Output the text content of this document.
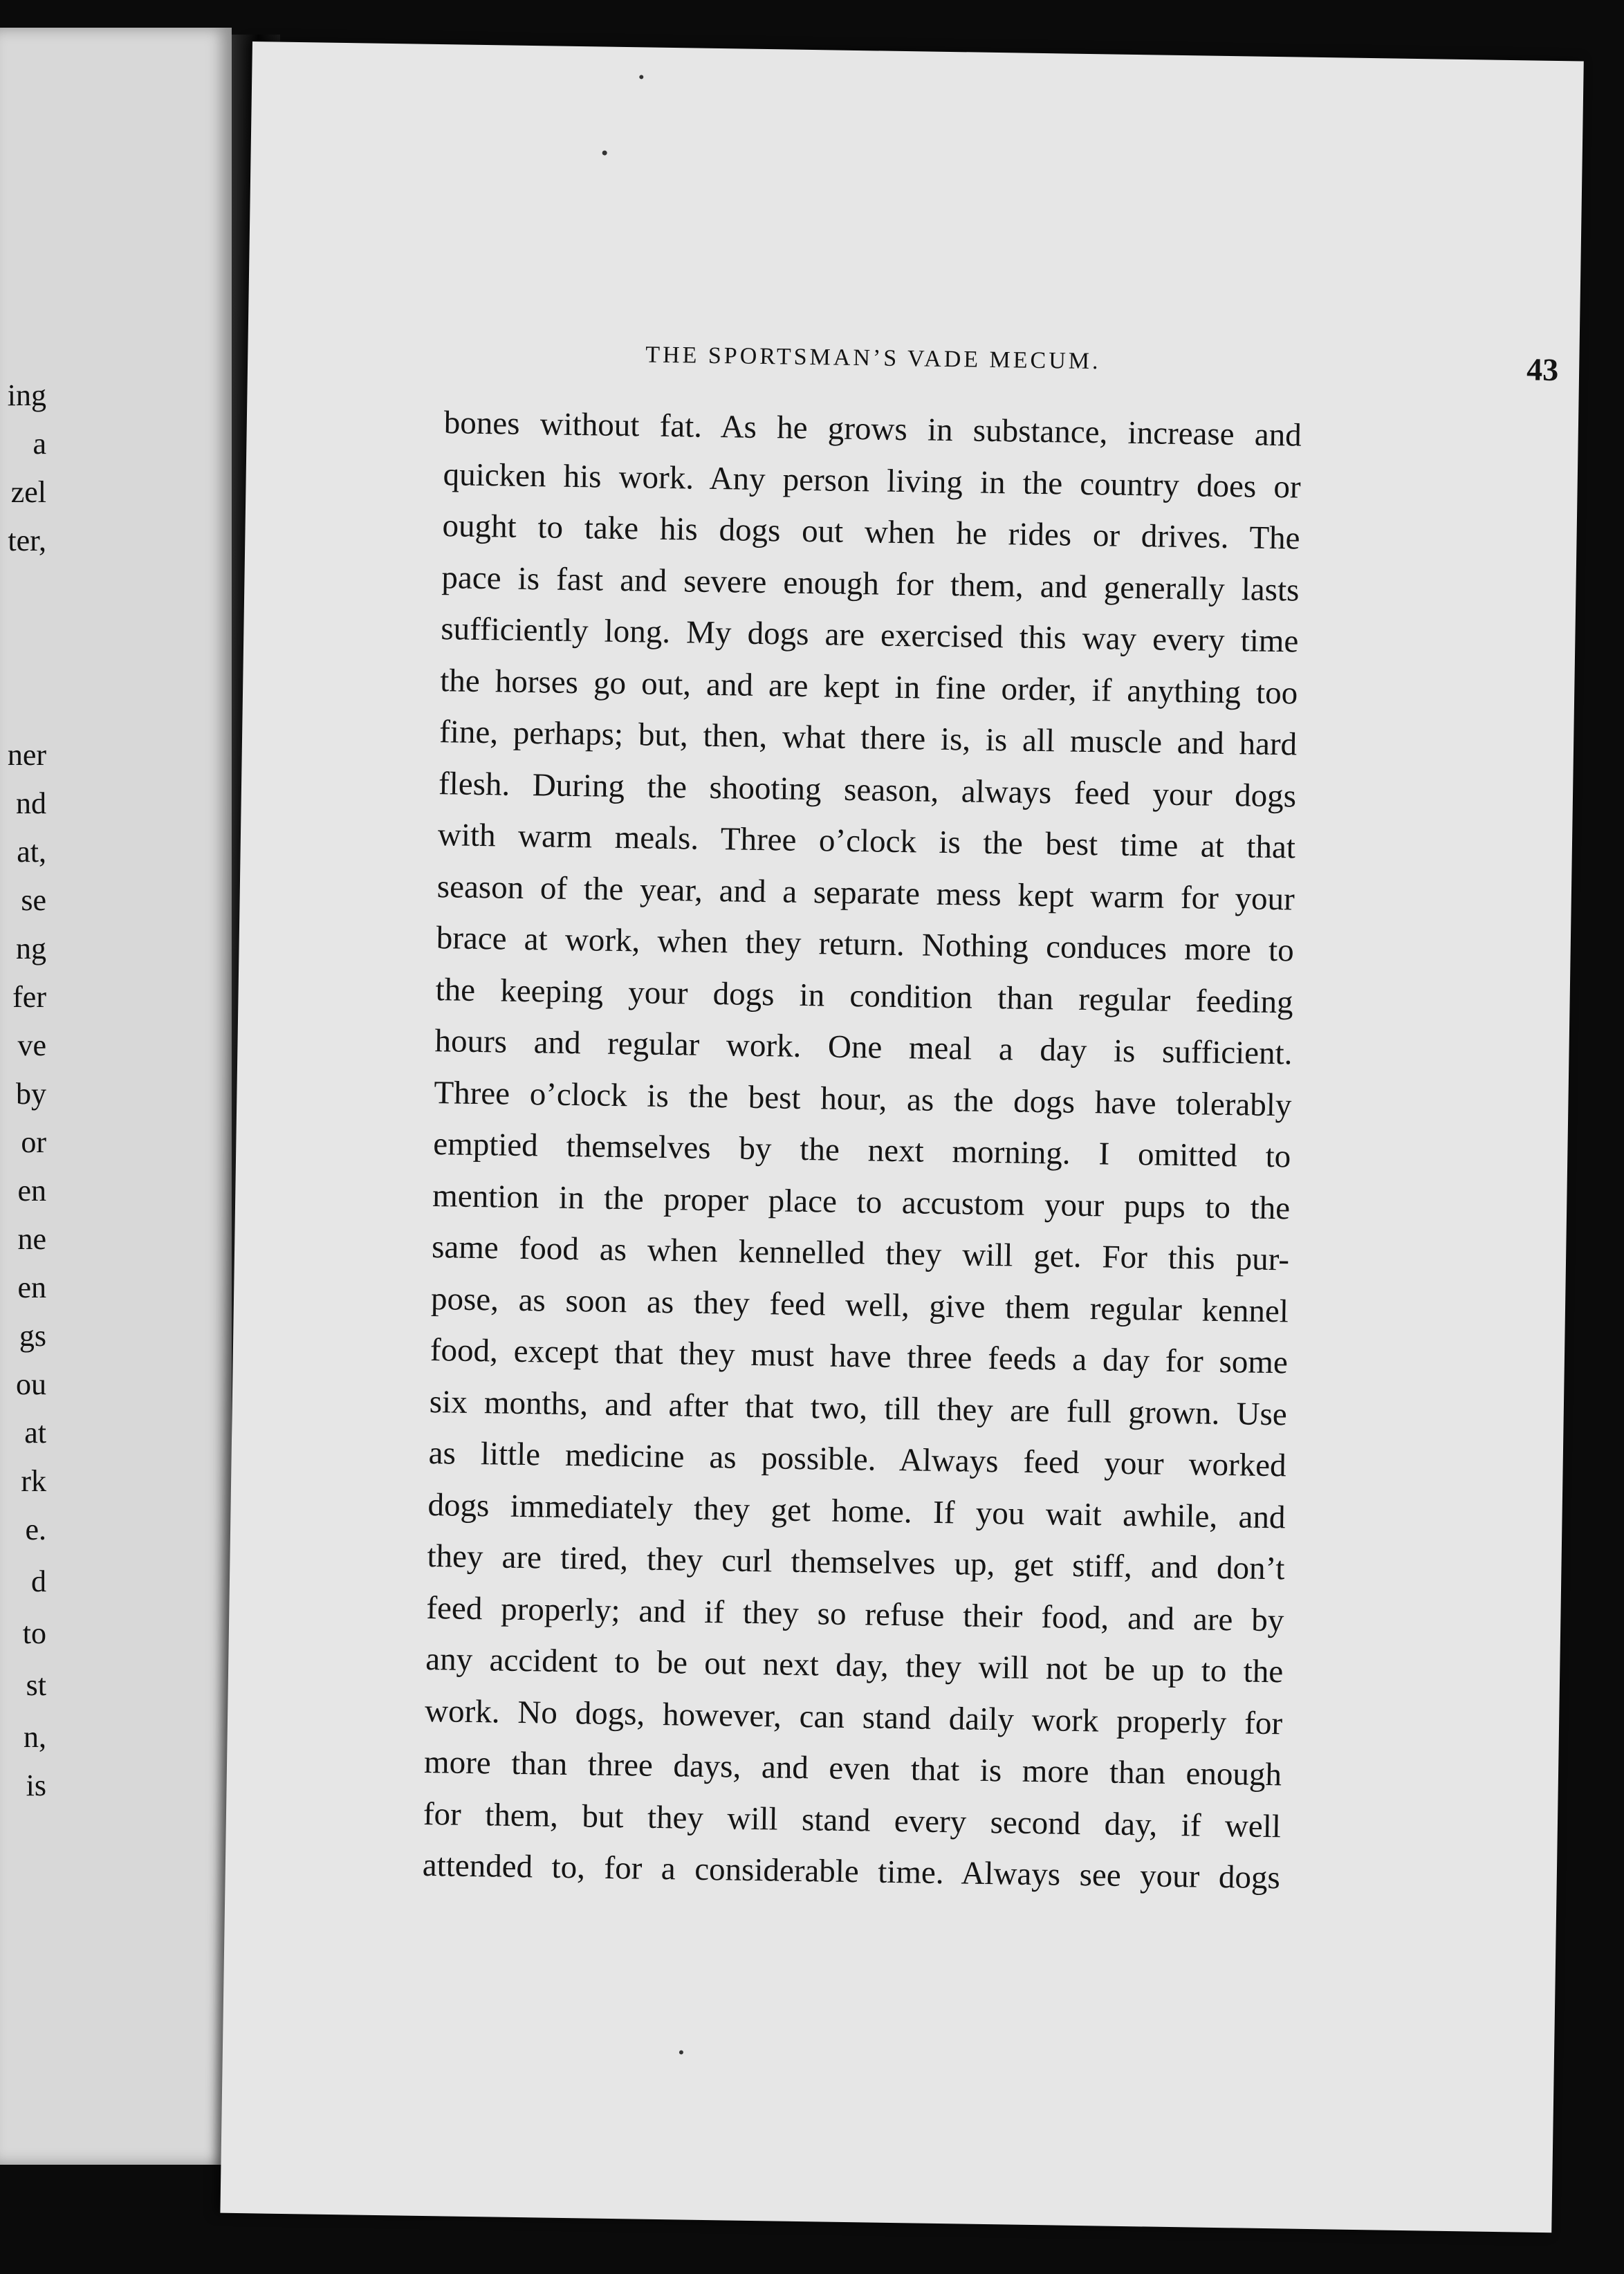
ing
a
zel
ter,
ner
nd
at,
se
ng
fer
ve
by
or
en
ne
en
gs
ou
at
rk
e.
d
to
st
n,
is
THE SPORTSMAN’S VADE MECUM.	43
bones without fat. As he grows in substance, increase and
quicken his work. Any person living in the country does or
ought to take his dogs out when he rides or drives. The
pace is fast and severe enough for them, and generally lasts
sufficiently long. My dogs are exercised this way every time
the horses go out, and are kept in fine order, if anything too
fine, perhaps; but, then, what there is, is all muscle and hard
flesh. During the shooting season, always feed your dogs
with warm meals. Three o’clock is the best time at that
season of the year, and a separate mess kept warm for your
brace at work, when they return. Nothing conduces more to
the keeping your dogs in condition than regular feeding
hours and regular work. One meal a day is sufficient.
Three o’clock is the best hour, as the dogs have tolerably
emptied themselves by the next morning. I omitted to
mention in the proper place to accustom your pups to the
same food as when kennelled they will get. For this pur-
pose, as soon as they feed well, give them regular kennel
food, except that they must have three feeds a day for some
six months, and after that two, till they are full grown. Use
as little medicine as possible. Always feed your worked
dogs immediately they get home. If you wait awhile, and
they are tired, they curl themselves up, get stiff, and don’t
feed properly; and if they so refuse their food, and are by
any accident to be out next day, they will not be up to the
work. No dogs, however, can stand daily work properly for
more than three days, and even that is more than enough
for them, but they will stand every second day, if well
attended to, for a considerable time. Always see your dogs
